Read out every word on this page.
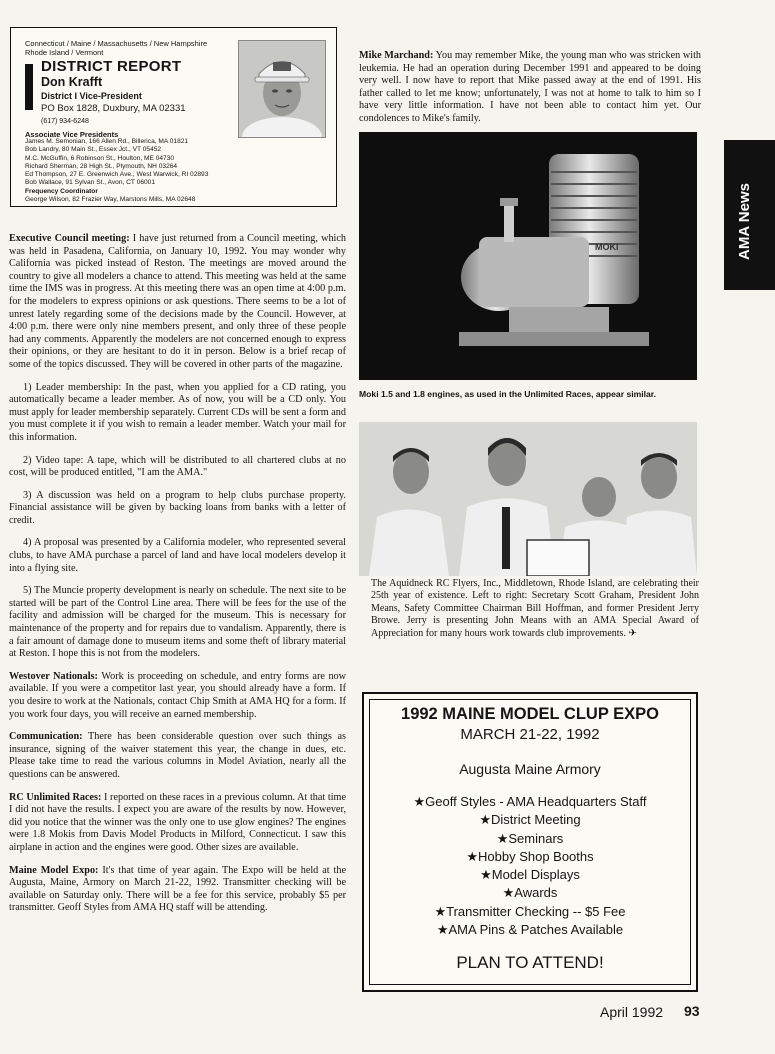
Connecticut / Maine / Massachusetts / New Hampshire Rhode Island / Vermont
DISTRICT REPORT
Don Krafft
District I Vice-President
PO Box 1828, Duxbury, MA 02331
(617) 934-6248
Associate Vice Presidents
James M. Semonian, 166 Allen Rd., Billerica, MA 01821
Bob Landry, 80 Main St., Essex Jct., VT 05452
M.C. McGuffin, 6 Robinson St., Houlton, ME 04730
Richard Sherman, 28 High St., Plymouth, NH 03264
Ed Thompson, 27 E. Greenwich Ave., West Warwick, RI 02893
Bob Wallace, 91 Sylvan St., Avon, CT 06001
Frequency Coordinator
George Wilson, 82 Frazier Way, Marstons Mills, MA 02648

Executive Council meeting: I have just returned from a Council meeting, which was held in Pasadena, California, on January 10, 1992. You may wonder why California was picked instead of Reston. The meetings are moved around the country to give all modelers a chance to attend. This meeting was held at the same time the IMS was in progress. At this meeting there was an open time at 4:00 p.m. for the modelers to express opinions or ask questions. There seems to be a lot of unrest lately regarding some of the decisions made by the Council. However, at 4:00 p.m. there were only nine members present, and only three of these people had any comments. Apparently the modelers are not concerned enough to express their opinions, or they are hesitant to do it in person. Below is a brief recap of some of the topics discussed. They will be covered in other parts of the magazine.

1) Leader membership: In the past, when you applied for a CD rating, you automatically became a leader member. As of now, you will be a CD only. You must apply for leader membership separately. Current CDs will be sent a form and you must complete it if you wish to remain a leader member. Watch your mail for this information.

2) Video tape: A tape, which will be distributed to all chartered clubs at no cost, will be produced entitled, "I am the AMA."

3) A discussion was held on a program to help clubs purchase property. Financial assistance will be given by backing loans from banks with a letter of credit.

4) A proposal was presented by a California modeler, who represented several clubs, to have AMA purchase a parcel of land and have local modelers develop it into a flying site.

5) The Muncie property development is nearly on schedule. The next site to be started will be part of the Control Line area. There will be fees for the use of the facility and admission will be charged for the museum. This is necessary for maintenance of the property and for repairs due to vandalism. Apparently, there is a fair amount of damage done to museum items and some theft of library material at Reston. I hope this is not from the modelers.

Westover Nationals: Work is proceeding on schedule, and entry forms are now available. If you were a competitor last year, you should already have a form. If you desire to work at the Nationals, contact Chip Smith at AMA HQ for a form. If you work four days, you will receive an earned membership.

Communication: There has been considerable question over such things as insurance, signing of the waiver statement this year, the change in dues, etc. Please take time to read the various columns in Model Aviation, nearly all the questions can be answered.

RC Unlimited Races: I reported on these races in a previous column. At that time I did not have the results. I expect you are aware of the results by now. However, did you notice that the winner was the only one to use glow engines? The engines were 1.8 Mokis from Davis Model Products in Milford, Connecticut. I saw this airplane in action and the engines were good. Other sizes are available.

Maine Model Expo: It's that time of year again. The Expo will be held at the Augusta, Maine, Armory on March 21-22, 1992. Transmitter checking will be available on Saturday only. There will be a fee for this service, probably $5 per transmitter. Geoff Styles from AMA HQ staff will be attending.

Mike Marchand: You may remember Mike, the young man who was stricken with leukemia. He had an operation during December 1991 and appeared to be doing very well. I now have to report that Mike passed away at the end of 1991. His father called to let me know; unfortunately, I was not at home to talk to him so I have very little information. I have not been able to contact him yet. Our condolences to Mike's family.
MOKI
Moki 1.5 and 1.8 engines, as used in the Unlimited Races, appear similar.
The Aquidneck RC Flyers, Inc., Middletown, Rhode Island, are celebrating their 25th year of existence. Left to right: Secretary Scott Graham, President John Means, Safety Committee Chairman Bill Hoffman, and former President Jerry Browe. Jerry is presenting John Means with an AMA Special Award of Appreciation for many hours work towards club improvements. ✈
AMA News
1992 MAINE MODEL CLUP EXPO
MARCH 21-22, 1992
Augusta Maine Armory
★Geoff Styles - AMA Headquarters Staff
★District Meeting
★Seminars
★Hobby Shop Booths
★Model Displays
★Awards
★Transmitter Checking -- $5 Fee
★AMA Pins & Patches Available
PLAN TO ATTEND!
April 1992 93
